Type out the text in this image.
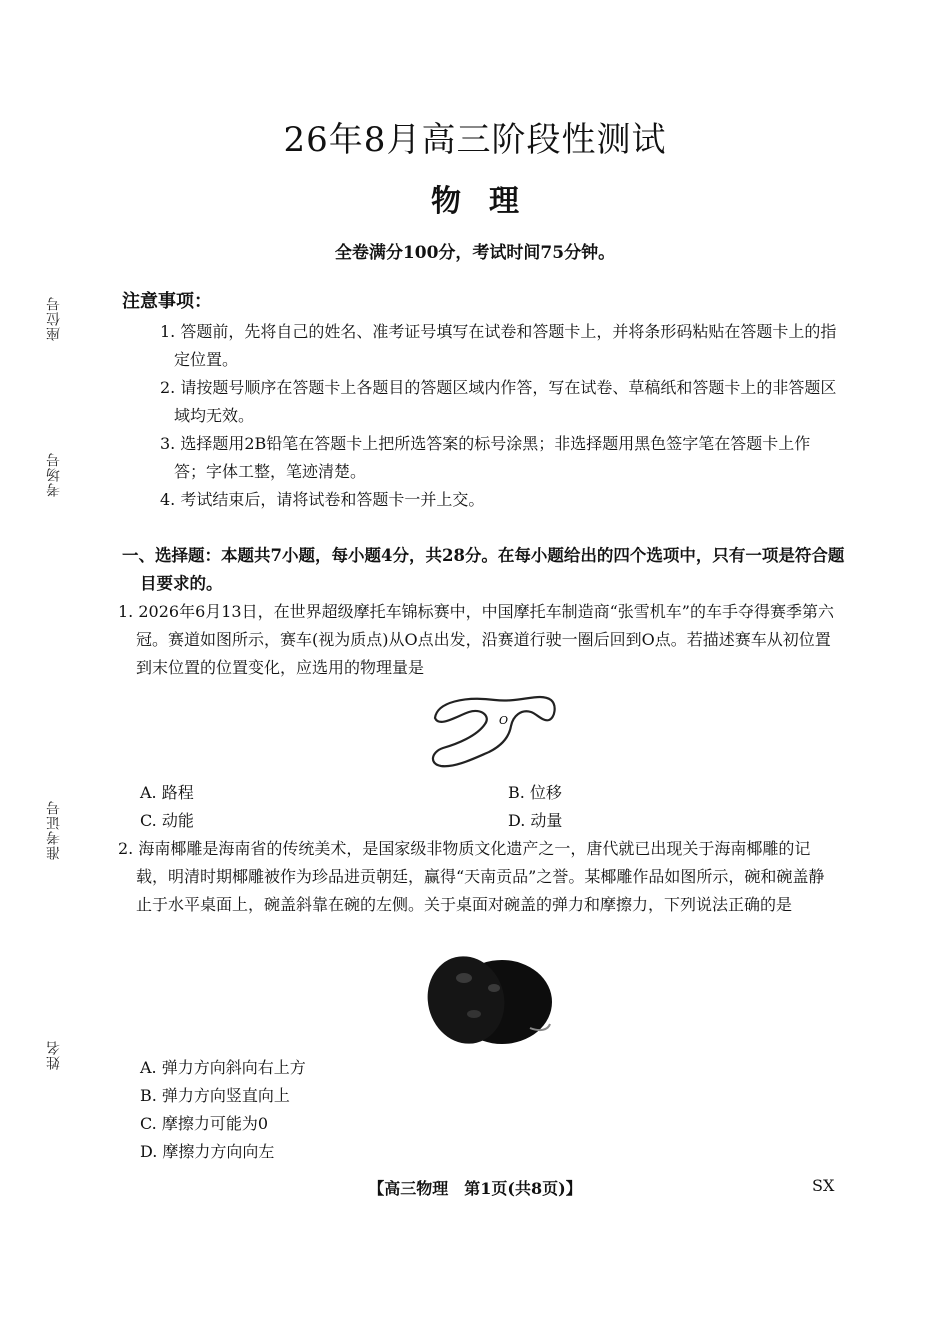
座位号
考场号
准考证号
姓名
26年8月高三阶段性测试
物理
全卷满分100分，考试时间75分钟。
注意事项：

1. 答题前，先将自己的姓名、准考证号填写在试卷和答题卡上，并将条形码粘贴在答题卡上的指定位置。

2. 请按题号顺序在答题卡上各题目的答题区域内作答，写在试卷、草稿纸和答题卡上的非答题区域均无效。

3. 选择题用2B铅笔在答题卡上把所选答案的标号涂黑；非选择题用黑色签字笔在答题卡上作答；字体工整，笔迹清楚。

4. 考试结束后，请将试卷和答题卡一并上交。

一、选择题：本题共7小题，每小题4分，共28分。在每小题给出的四个选项中，只有一项是符合题目要求的。

1. 2026年6月13日，在世界超级摩托车锦标赛中，中国摩托车制造商“张雪机车”的车手夺得赛季第六冠。赛道如图所示，赛车(视为质点)从O点出发，沿赛道行驶一圈后回到O点。若描述赛车从初位置到末位置的位置变化，应选用的物理量是

O
A. 路程	B. 位移
C. 动能	D. 动量

2. 海南椰雕是海南省的传统美术，是国家级非物质文化遗产之一，唐代就已出现关于海南椰雕的记载，明清时期椰雕被作为珍品进贡朝廷，赢得“天南贡品”之誉。某椰雕作品如图所示，碗和碗盖静止于水平桌面上，碗盖斜靠在碗的左侧。关于桌面对碗盖的弹力和摩擦力，下列说法正确的是

A. 弹力方向斜向右上方
B. 弹力方向竖直向上
C. 摩擦力可能为0
D. 摩擦力方向向左
【高三物理　第1页(共8页)】	SX
